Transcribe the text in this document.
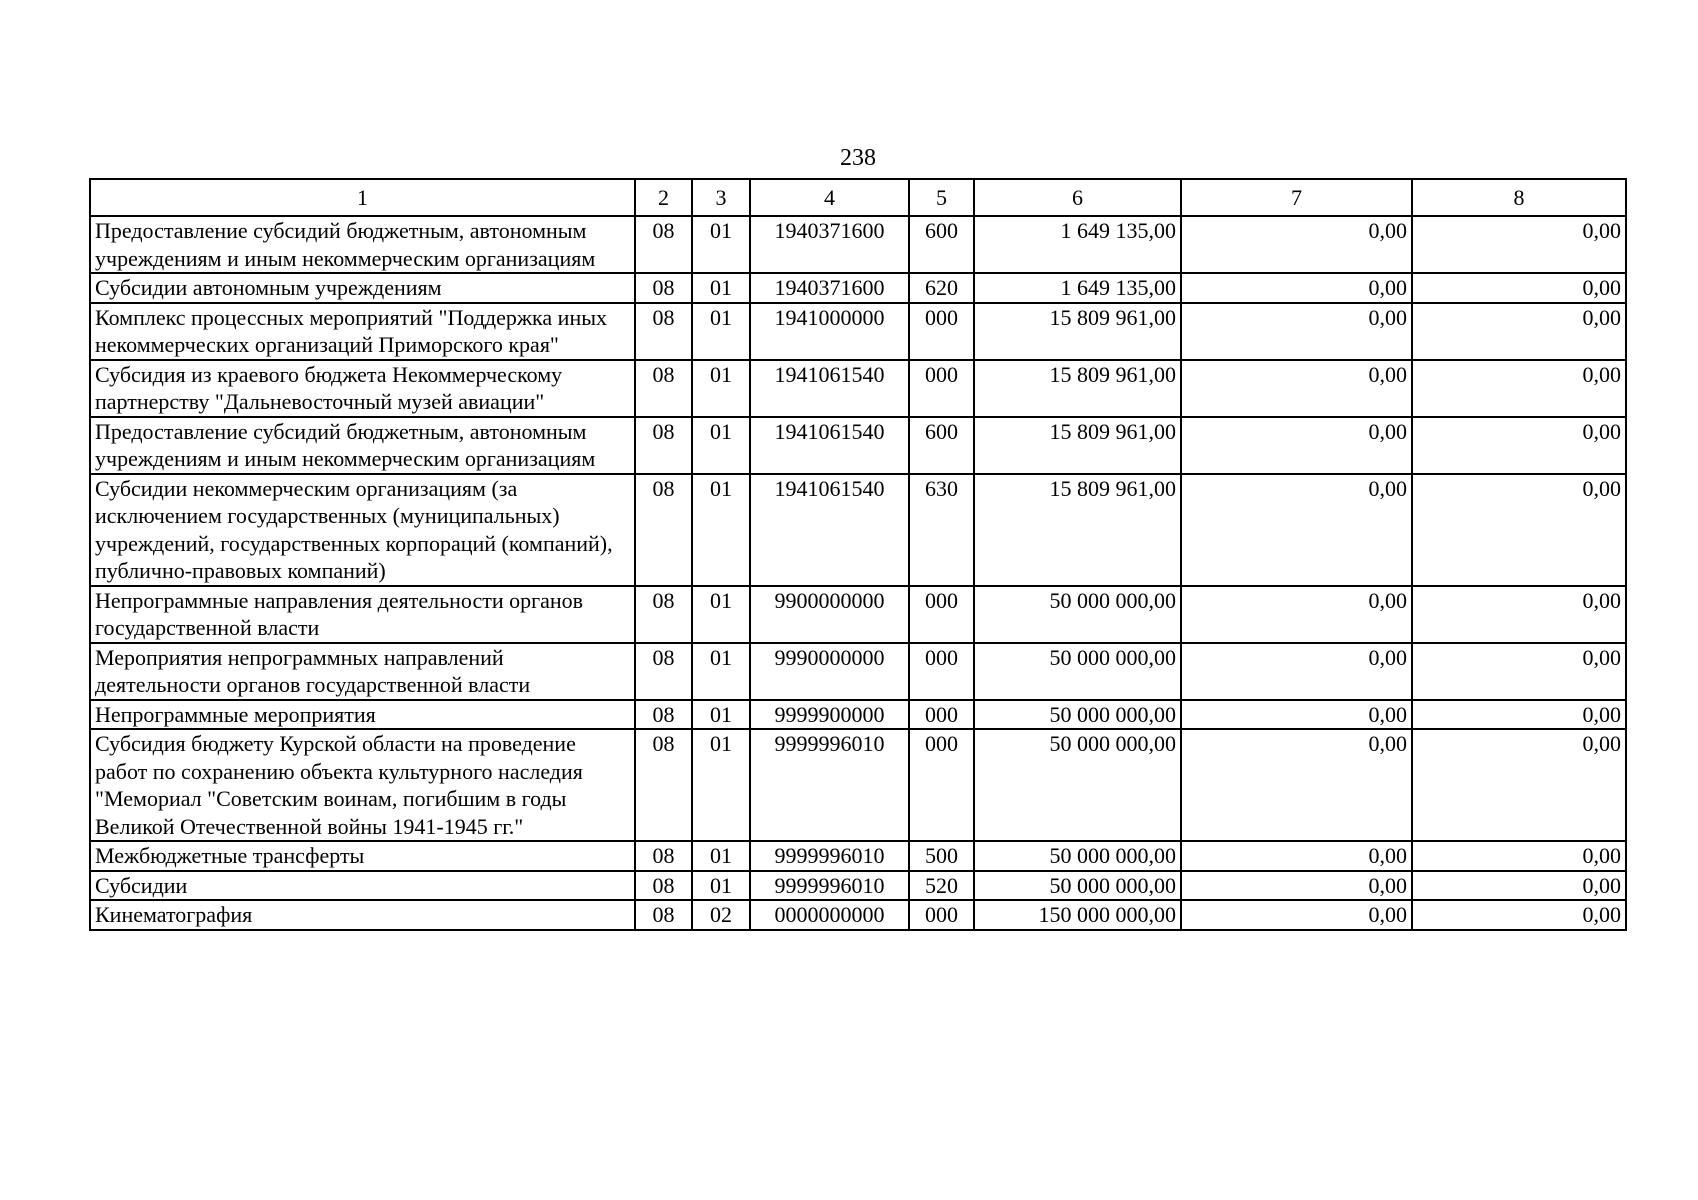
238
1	2	3	4	5	6	7	8
Предоставление субсидий бюджетным, автономным учреждениям и иным некоммерческим организациям	08	01	1940371600	600	1 649 135,00	0,00	0,00
Субсидии автономным учреждениям	08	01	1940371600	620	1 649 135,00	0,00	0,00
Комплекс процессных мероприятий "Поддержка иных некоммерческих организаций Приморского края"	08	01	1941000000	000	15 809 961,00	0,00	0,00
Субсидия из краевого бюджета Некоммерческому партнерству "Дальневосточный музей авиации"	08	01	1941061540	000	15 809 961,00	0,00	0,00
Предоставление субсидий бюджетным, автономным учреждениям и иным некоммерческим организациям	08	01	1941061540	600	15 809 961,00	0,00	0,00
Субсидии некоммерческим организациям (за исключением государственных (муниципальных) учреждений, государственных корпораций (компаний), публично-правовых компаний)	08	01	1941061540	630	15 809 961,00	0,00	0,00
Непрограммные направления деятельности органов государственной власти	08	01	9900000000	000	50 000 000,00	0,00	0,00
Мероприятия непрограммных направлений деятельности органов государственной власти	08	01	9990000000	000	50 000 000,00	0,00	0,00
Непрограммные мероприятия	08	01	9999900000	000	50 000 000,00	0,00	0,00
Субсидия бюджету Курской области на проведение работ по сохранению объекта культурного наследия "Мемориал "Советским воинам, погибшим в годы Великой Отечественной войны 1941-1945 гг."	08	01	9999996010	000	50 000 000,00	0,00	0,00
Межбюджетные трансферты	08	01	9999996010	500	50 000 000,00	0,00	0,00
Субсидии	08	01	9999996010	520	50 000 000,00	0,00	0,00
Кинематография	08	02	0000000000	000	150 000 000,00	0,00	0,00
